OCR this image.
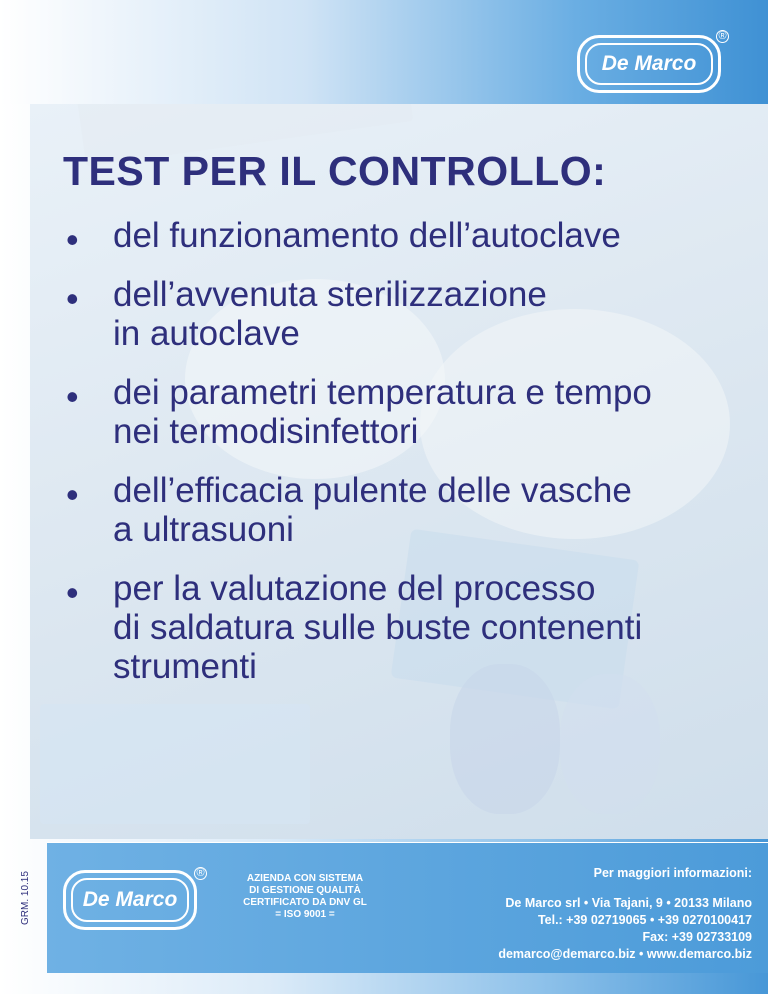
De Marco
®
TEST PER IL CONTROLLO:
• del funzionamento dell’autoclave
• dell’avvenuta sterilizzazione
in autoclave
• dei parametri temperatura e tempo
nei termodisinfettori
• dell’efficacia pulente delle vasche
a ultrasuoni
• per la valutazione del processo
di saldatura sulle buste contenenti
strumenti
De Marco
®	AZIENDA CON SISTEMA
DI GESTIONE QUALITÀ
CERTIFICATO DA DNV GL
= ISO 9001 =

Per maggiori informazioni:
De Marco srl • Via Tajani, 9 • 20133 Milano
Tel.: +39 02719065 • +39 0270100417
Fax: +39 02733109
demarco@demarco.biz • www.demarco.biz
GRM. 10.15
